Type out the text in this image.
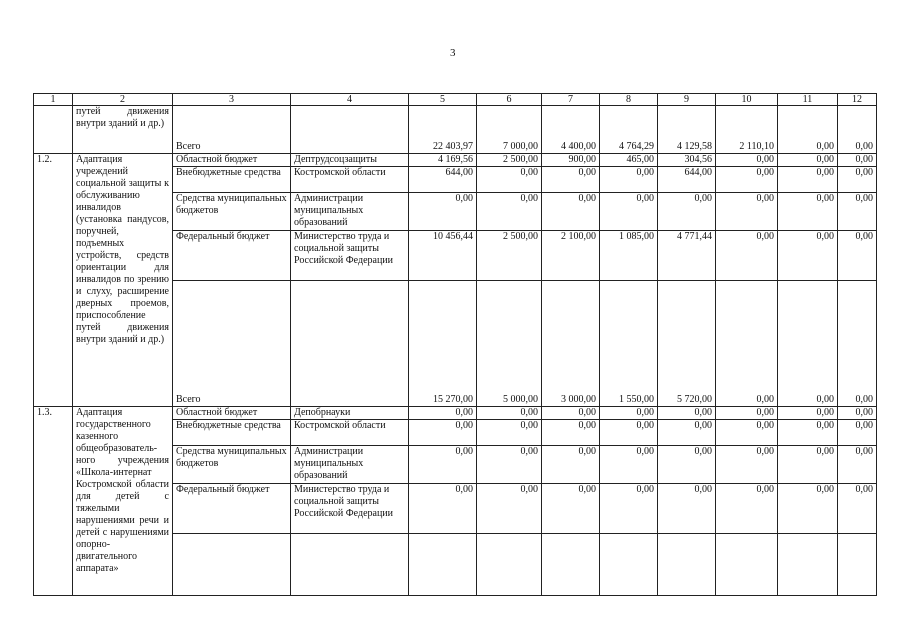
3
1	2	3	4	5	6	7	8	9	10	11	12
	путей движения внутри зданий и др.)	Всего		22 403,97	7 000,00	4 400,00	4 764,29	4 129,58	2 110,10	0,00	0,00
1.2.	Адаптация учреждений социальной защиты к обслуживанию инвалидов (установка пандусов, поручней, подъемных устройств, средств ориентации для инвалидов по зрению и слуху, расширение дверных проемов, приспособление путей движения внутри зданий и др.)	Областной бюджет	Дептрудсоцзащиты	4 169,56	2 500,00	900,00	465,00	304,56	0,00	0,00	0,00
		Внебюджетные средства	Костромской области	644,00	0,00	0,00	0,00	644,00	0,00	0,00	0,00
		Средства муниципальных бюджетов	Администрации муниципальных образований	0,00	0,00	0,00	0,00	0,00	0,00	0,00	0,00
		Федеральный бюджет	Министерство труда и социальной защиты Российской Федерации	10 456,44	2 500,00	2 100,00	1 085,00	4 771,44	0,00	0,00	0,00
		Всего		15 270,00	5 000,00	3 000,00	1 550,00	5 720,00	0,00	0,00	0,00
1.3.	Адаптация государственного казенного общеобразователь-ного учреждения «Школа-интернат Костромской области для детей с тяжелыми нарушениями речи и детей с нарушениями опорно-двигательного аппарата»	Областной бюджет	Депобрнауки	0,00	0,00	0,00	0,00	0,00	0,00	0,00	0,00
		Внебюджетные средства	Костромской области	0,00	0,00	0,00	0,00	0,00	0,00	0,00	0,00
		Средства муниципальных бюджетов	Администрации муниципальных образований	0,00	0,00	0,00	0,00	0,00	0,00	0,00	0,00
		Федеральный бюджет	Министерство труда и социальной защиты Российской Федерации	0,00	0,00	0,00	0,00	0,00	0,00	0,00	0,00
